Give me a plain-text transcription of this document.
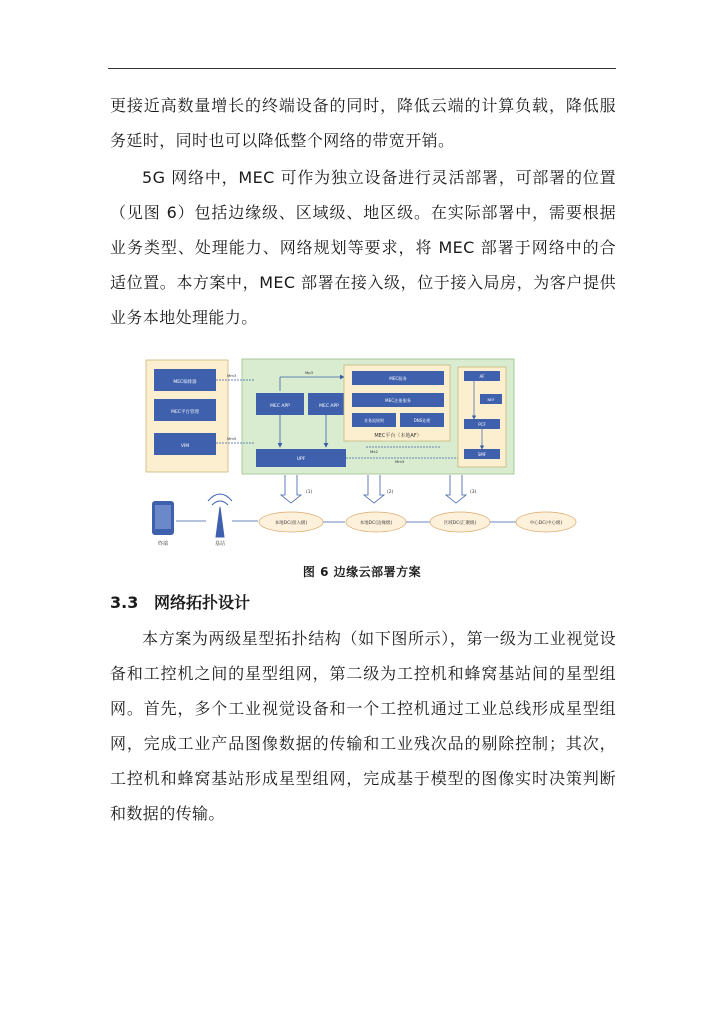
更接近高数量增长的终端设备的同时，降低云端的计算负载，降低服务延时，同时也可以降低整个网络的带宽开销。

5G 网络中，MEC 可作为独立设备进行灵活部署，可部署的位置（见图 6）包括边缘级、区域级、地区级。在实际部署中，需要根据业务类型、处理能力、网络规划等要求，将 MEC 部署于网络中的合适位置。本方案中，MEC 部署在接入级，位于接入局房，为客户提供业务本地处理能力。

MEC编排器
MEC平台管理
VIM
Mm3
Mm5
MEC APP	MEC APP
Mp3
MEC服务
MEC注册服务
业务流规则	DNS处理
MEC平台（本地AF）
UPF
Mx2
Mm5
AF
NEF
PCF
SMF
(1)	(2)	(3)
终端	基站
本地DC(接入级)	本地DC(边缘级)	区域DC(汇聚级)	中心DC(中心级)
图 6 边缘云部署方案
3.3 网络拓扑设计

本方案为两级星型拓扑结构（如下图所示），第一级为工业视觉设备和工控机之间的星型组网，第二级为工控机和蜂窝基站间的星型组网。首先，多个工业视觉设备和一个工控机通过工业总线形成星型组网，完成工业产品图像数据的传输和工业残次品的剔除控制；其次，工控机和蜂窝基站形成星型组网，完成基于模型的图像实时决策判断和数据的传输。
